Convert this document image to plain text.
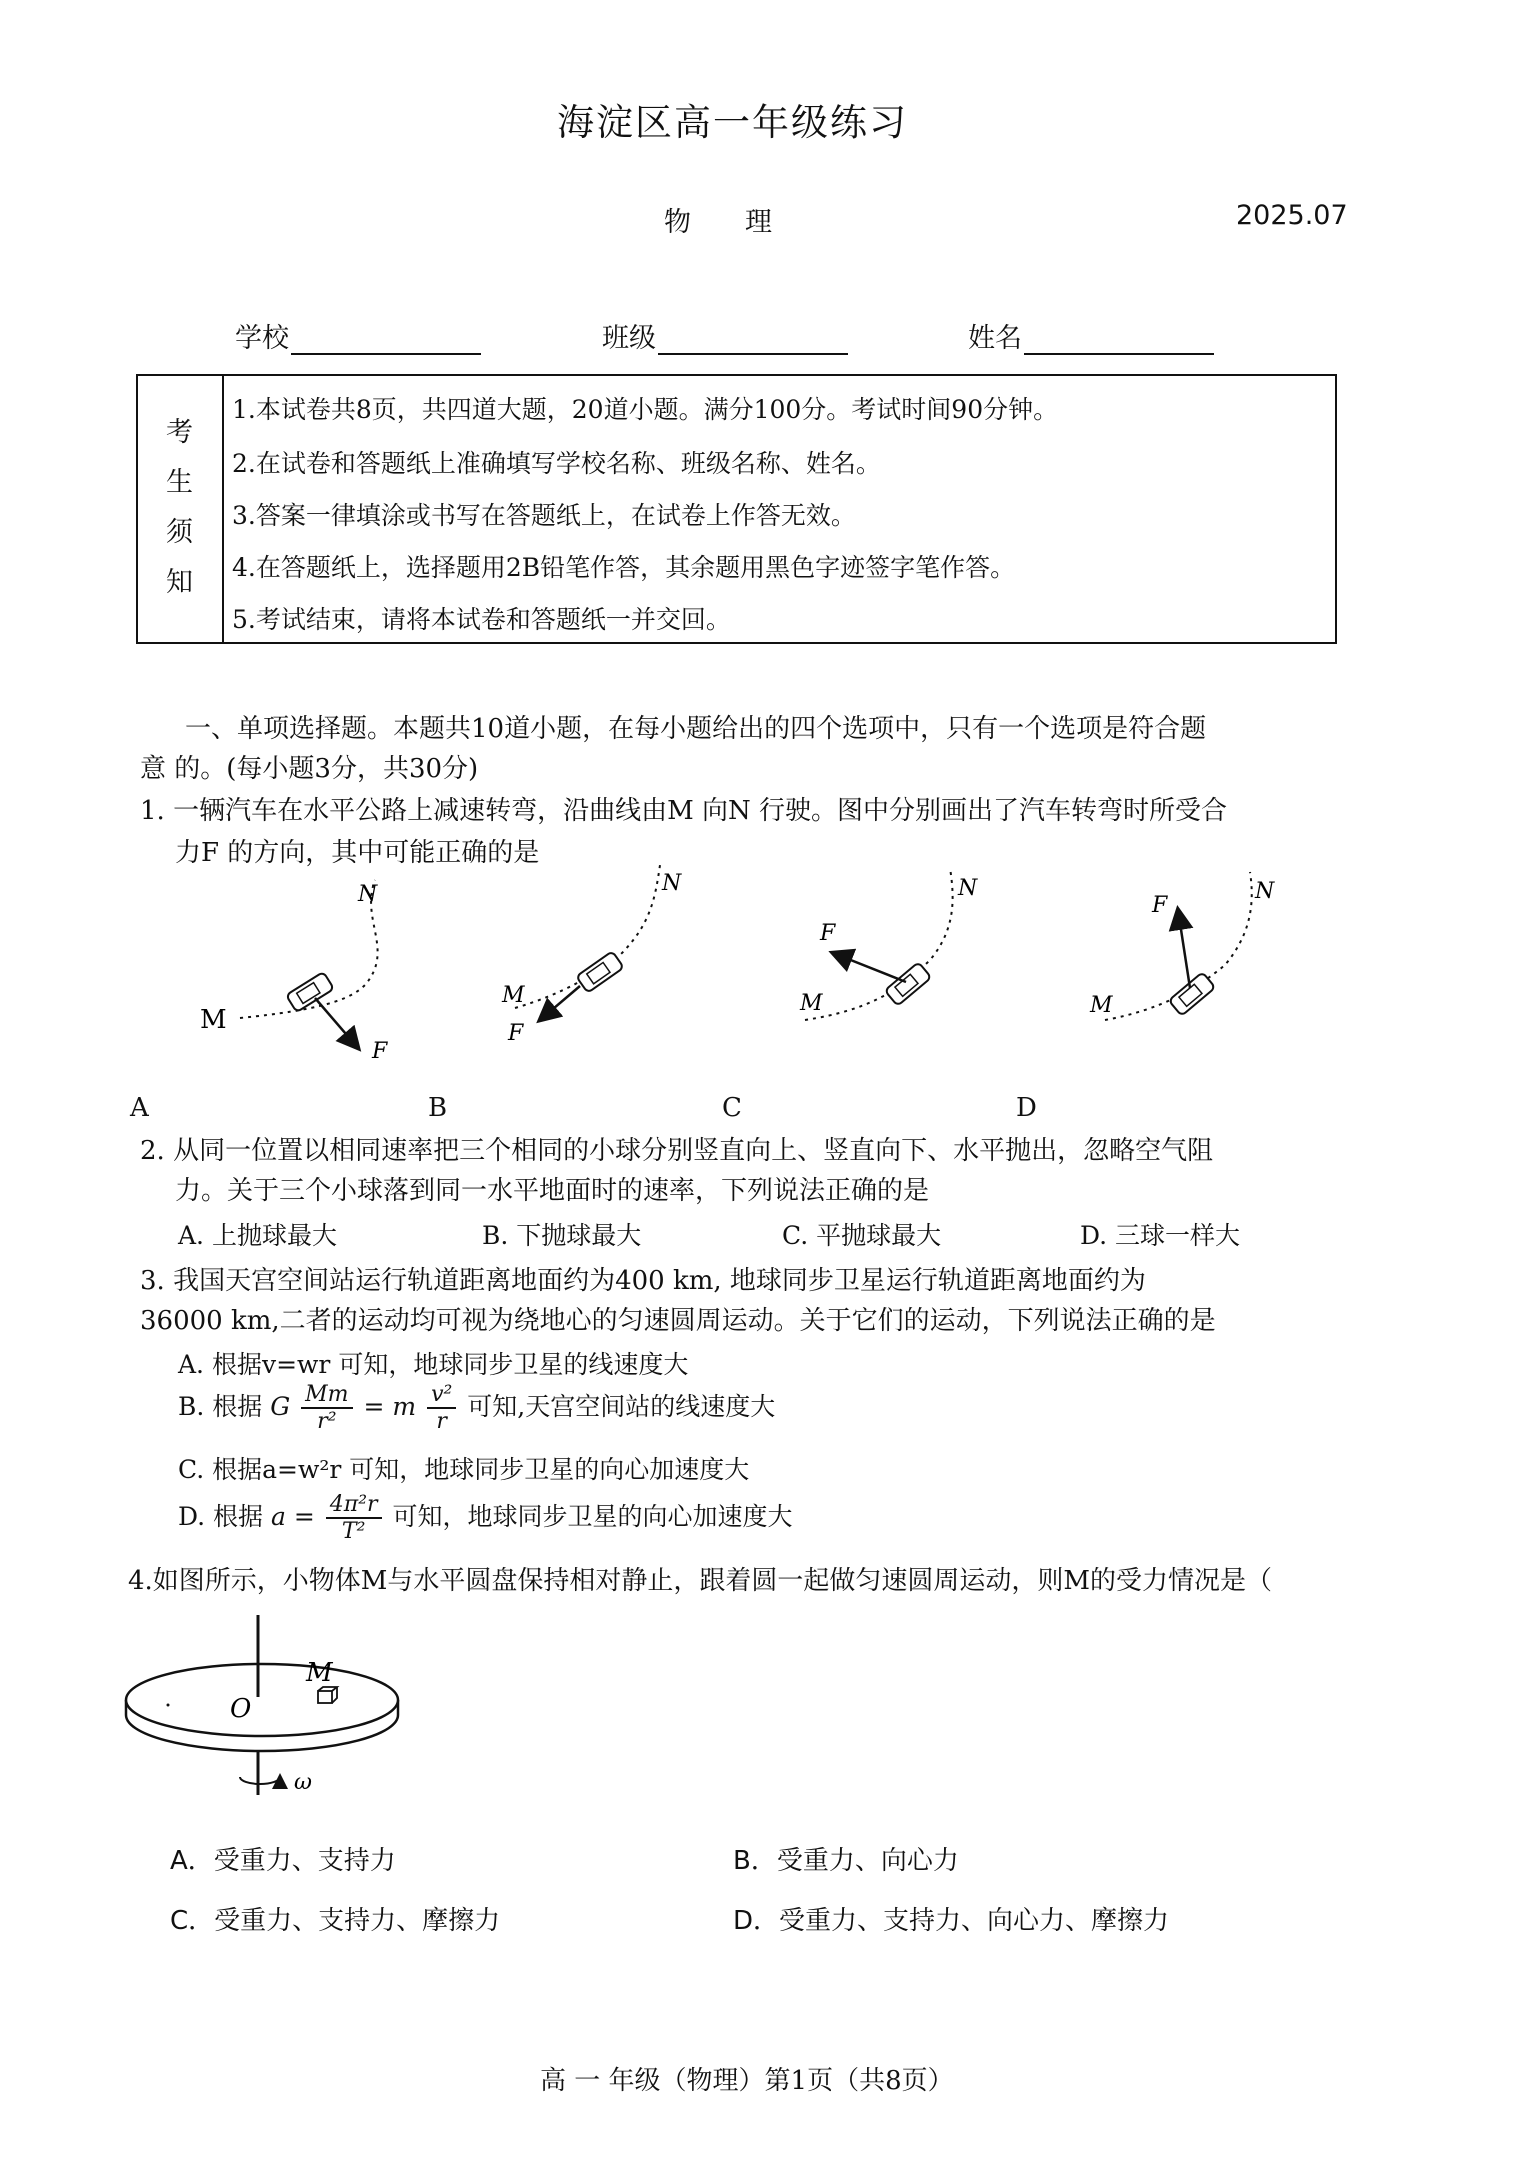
海淀区高一年级练习
物　　理	2025.07
学校	班级	姓名
考
生
须
知
1.本试卷共8页，共四道大题，20道小题。满分100分。考试时间90分钟。
2.在试卷和答题纸上准确填写学校名称、班级名称、姓名。
3.答案一律填涂或书写在答题纸上，在试卷上作答无效。
4.在答题纸上，选择题用2B铅笔作答，其余题用黑色字迹签字笔作答。
5.考试结束，请将本试卷和答题纸一并交回。
一、单项选择题。本题共10道小题，在每小题给出的四个选项中，只有一个选项是符合题
意 的。(每小题3分，共30分)
1. 一辆汽车在水平公路上减速转弯，沿曲线由M 向N 行驶。图中分别画出了汽车转弯时所受合
力F 的方向，其中可能正确的是
N
M
F
N
M
F
N
M
F
N
M
F
A	B	C	D
2. 从同一位置以相同速率把三个相同的小球分别竖直向上、竖直向下、水平抛出，忽略空气阻
力。关于三个小球落到同一水平地面时的速率，下列说法正确的是
A. 上抛球最大	B. 下抛球最大	C. 平抛球最大	D. 三球一样大
3. 我国天宫空间站运行轨道距离地面约为400 km, 地球同步卫星运行轨道距离地面约为
36000 km,二者的运动均可视为绕地心的匀速圆周运动。关于它们的运动，下列说法正确的是
A. 根据v=wr 可知，地球同步卫星的线速度大
B. 根据 G $\frac{Mm}{\text{r²}} = m \frac{\text{v²}}{r}$ 可知,天宫空间站的线速度大
C. 根据a=w²r 可知，地球同步卫星的向心加速度大
D. 根据 $a = \frac{\text{4π²r}}{\text{T²}}$ 可知，地球同步卫星的向心加速度大
4.如图所示，小物体M与水平圆盘保持相对静止，跟着圆一起做匀速圆周运动，则M的受力情况是（
M
O
ω
A．受重力、支持力	B．受重力、向心力
C．受重力、支持力、摩擦力	D．受重力、支持力、向心力、摩擦力
高 一 年级（物理）第1页（共8页）
